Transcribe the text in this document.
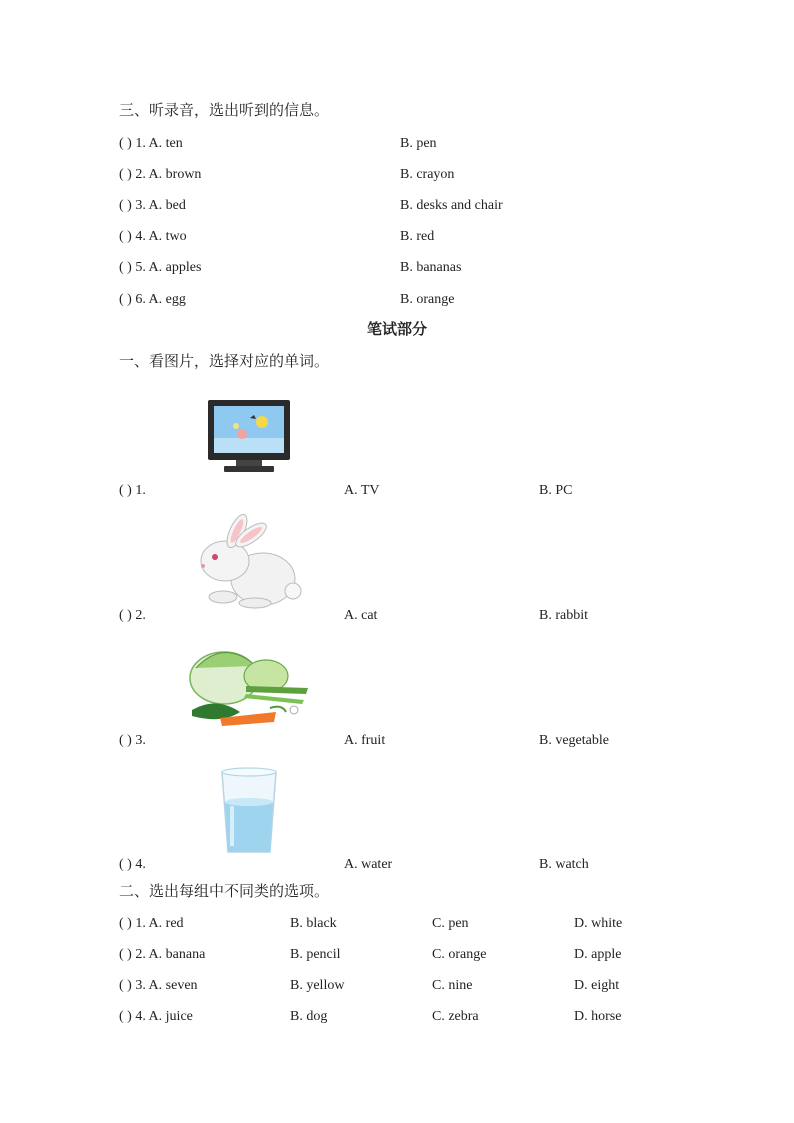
三、听录音，选出听到的信息。
( ) 1. A. ten	B. pen
( ) 2. A. brown	B. crayon
( ) 3. A. bed	B. desks and chair
( ) 4. A. two	B. red
( ) 5. A. apples	B. bananas
( ) 6. A. egg	B. orange
笔试部分
一、看图片，选择对应的单词。
( ) 1.	A. TV	B. PC
( ) 2.	A. cat	B. rabbit
( ) 3.	A. fruit	B. vegetable
( ) 4.	A. water	B. watch
二、选出每组中不同类的选项。
( ) 1. A. red	B. black	C. pen	D. white
( ) 2. A. banana	B. pencil	C. orange	D. apple
( ) 3. A. seven	B. yellow	C. nine	D. eight
( ) 4. A. juice	B. dog	C. zebra	D. horse
